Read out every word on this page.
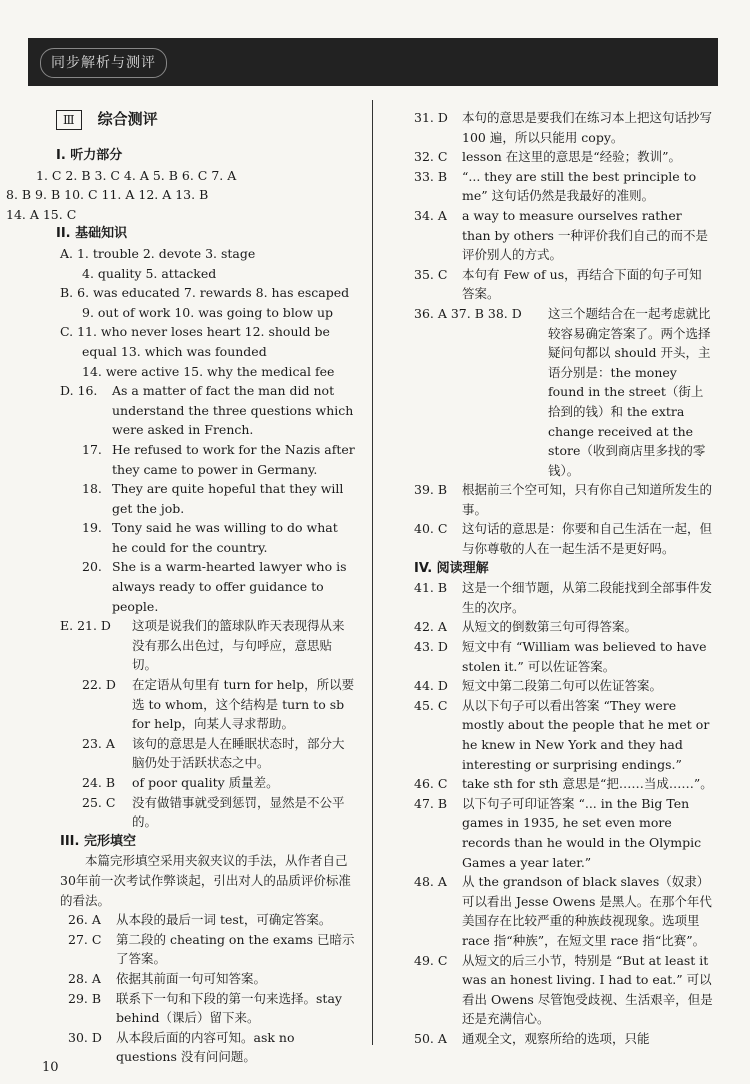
同步解析与测评
Ⅲ	综合测评
I. 听力部分
1. C 2. B 3. C 4. A 5. B 6. C 7. A
8. B 9. B 10. C 11. A 12. A 13. B
14. A 15. C
II. 基础知识
A. 1. trouble 2. devote 3. stage
4. quality 5. attacked
B. 6. was educated 7. rewards 8. has escaped
9. out of work 10. was going to blow up
C. 11. who never loses heart 12. should be
equal 13. which was founded
14. were active 15. why the medical fee
D. 16.	As a matter of fact the man did not understand the three questions which were asked in French.
17. He refused to work for the Nazis after they came to power in Germany.
18. They are quite hopeful that they will get the job.
19. Tony said he was willing to do what he could for the country.
20. She is a warm-hearted lawyer who is always ready to offer guidance to people.
E. 21. D	这项是说我们的篮球队昨天表现得从来没有那么出色过，与句呼应，意思贴切。
22. D	在定语从句里有 turn for help，所以要选 to whom，这个结构是 turn to sb for help，向某人寻求帮助。
23. A	该句的意思是人在睡眠状态时，部分大脑仍处于活跃状态之中。
24. B	of poor quality 质量差。
25. C	没有做错事就受到惩罚，显然是不公平的。
III. 完形填空
本篇完形填空采用夹叙夹议的手法，从作者自己30年前一次考试作弊谈起，引出对人的品质评价标准的看法。
26. A	从本段的最后一词 test，可确定答案。
27. C	第二段的 cheating on the exams 已暗示了答案。
28. A	依据其前面一句可知答案。
29. B	联系下一句和下段的第一句来选择。stay behind（课后）留下来。
30. D	从本段后面的内容可知。ask no questions 没有问问题。
31. D	本句的意思是要我们在练习本上把这句话抄写 100 遍，所以只能用 copy。
32. C	lesson 在这里的意思是“经验；教训”。
33. B	“... they are still the best principle to me” 这句话仍然是我最好的准则。
34. A	a way to measure ourselves rather than by others 一种评价我们自己的而不是评价别人的方式。
35. C	本句有 Few of us，再结合下面的句子可知答案。
36. A 37. B 38. D	这三个题结合在一起考虑就比较容易确定答案了。两个选择疑问句都以 should 开头，主语分别是：the money found in the street（街上拾到的钱）和 the extra change received at the store（收到商店里多找的零钱）。
39. B	根据前三个空可知，只有你自己知道所发生的事。
40. C	这句话的意思是：你要和自己生活在一起，但与你尊敬的人在一起生活不是更好吗。
IV. 阅读理解
41. B	这是一个细节题，从第二段能找到全部事件发生的次序。
42. A	从短文的倒数第三句可得答案。
43. D	短文中有 “William was believed to have stolen it.” 可以佐证答案。
44. D	短文中第二段第二句可以佐证答案。
45. C	从以下句子可以看出答案 “They were mostly about the people that he met or he knew in New York and they had interesting or surprising endings.”
46. C	take sth for sth 意思是“把……当成……”。
47. B	以下句子可印证答案 “... in the Big Ten games in 1935, he set even more records than he would in the Olympic Games a year later.”
48. A	从 the grandson of black slaves（奴隶）可以看出 Jesse Owens 是黑人。在那个年代美国存在比较严重的种族歧视现象。选项里 race 指“种族”，在短文里 race 指“比赛”。
49. C	从短文的后三小节，特别是 “But at least it was an honest living. I had to eat.” 可以看出 Owens 尽管饱受歧视、生活艰辛，但是还是充满信心。
50. A	通观全文，观察所给的选项，只能
10
